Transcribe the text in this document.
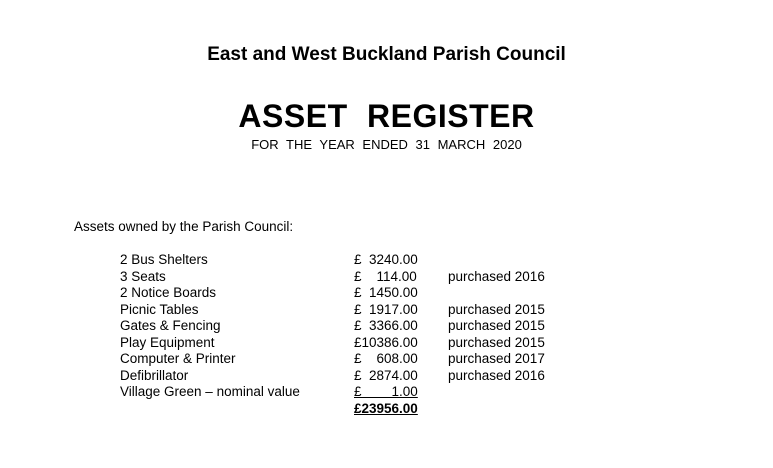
East and West Buckland Parish Council
ASSET REGISTER
FOR THE YEAR ENDED 31 MARCH 2020
Assets owned by the Parish Council:
2 Bus Shelters	£  3240.00
3 Seats	£    114.00 purchased 2016
2 Notice Boards	£  1450.00
Picnic Tables	£  1917.00 purchased 2015
Gates & Fencing	£  3366.00 purchased 2015
Play Equipment	£10386.00 purchased 2015
Computer & Printer	£    608.00 purchased 2017
Defibrillator	£  2874.00 purchased 2016
Village Green – nominal value	£        1.00
£23956.00
